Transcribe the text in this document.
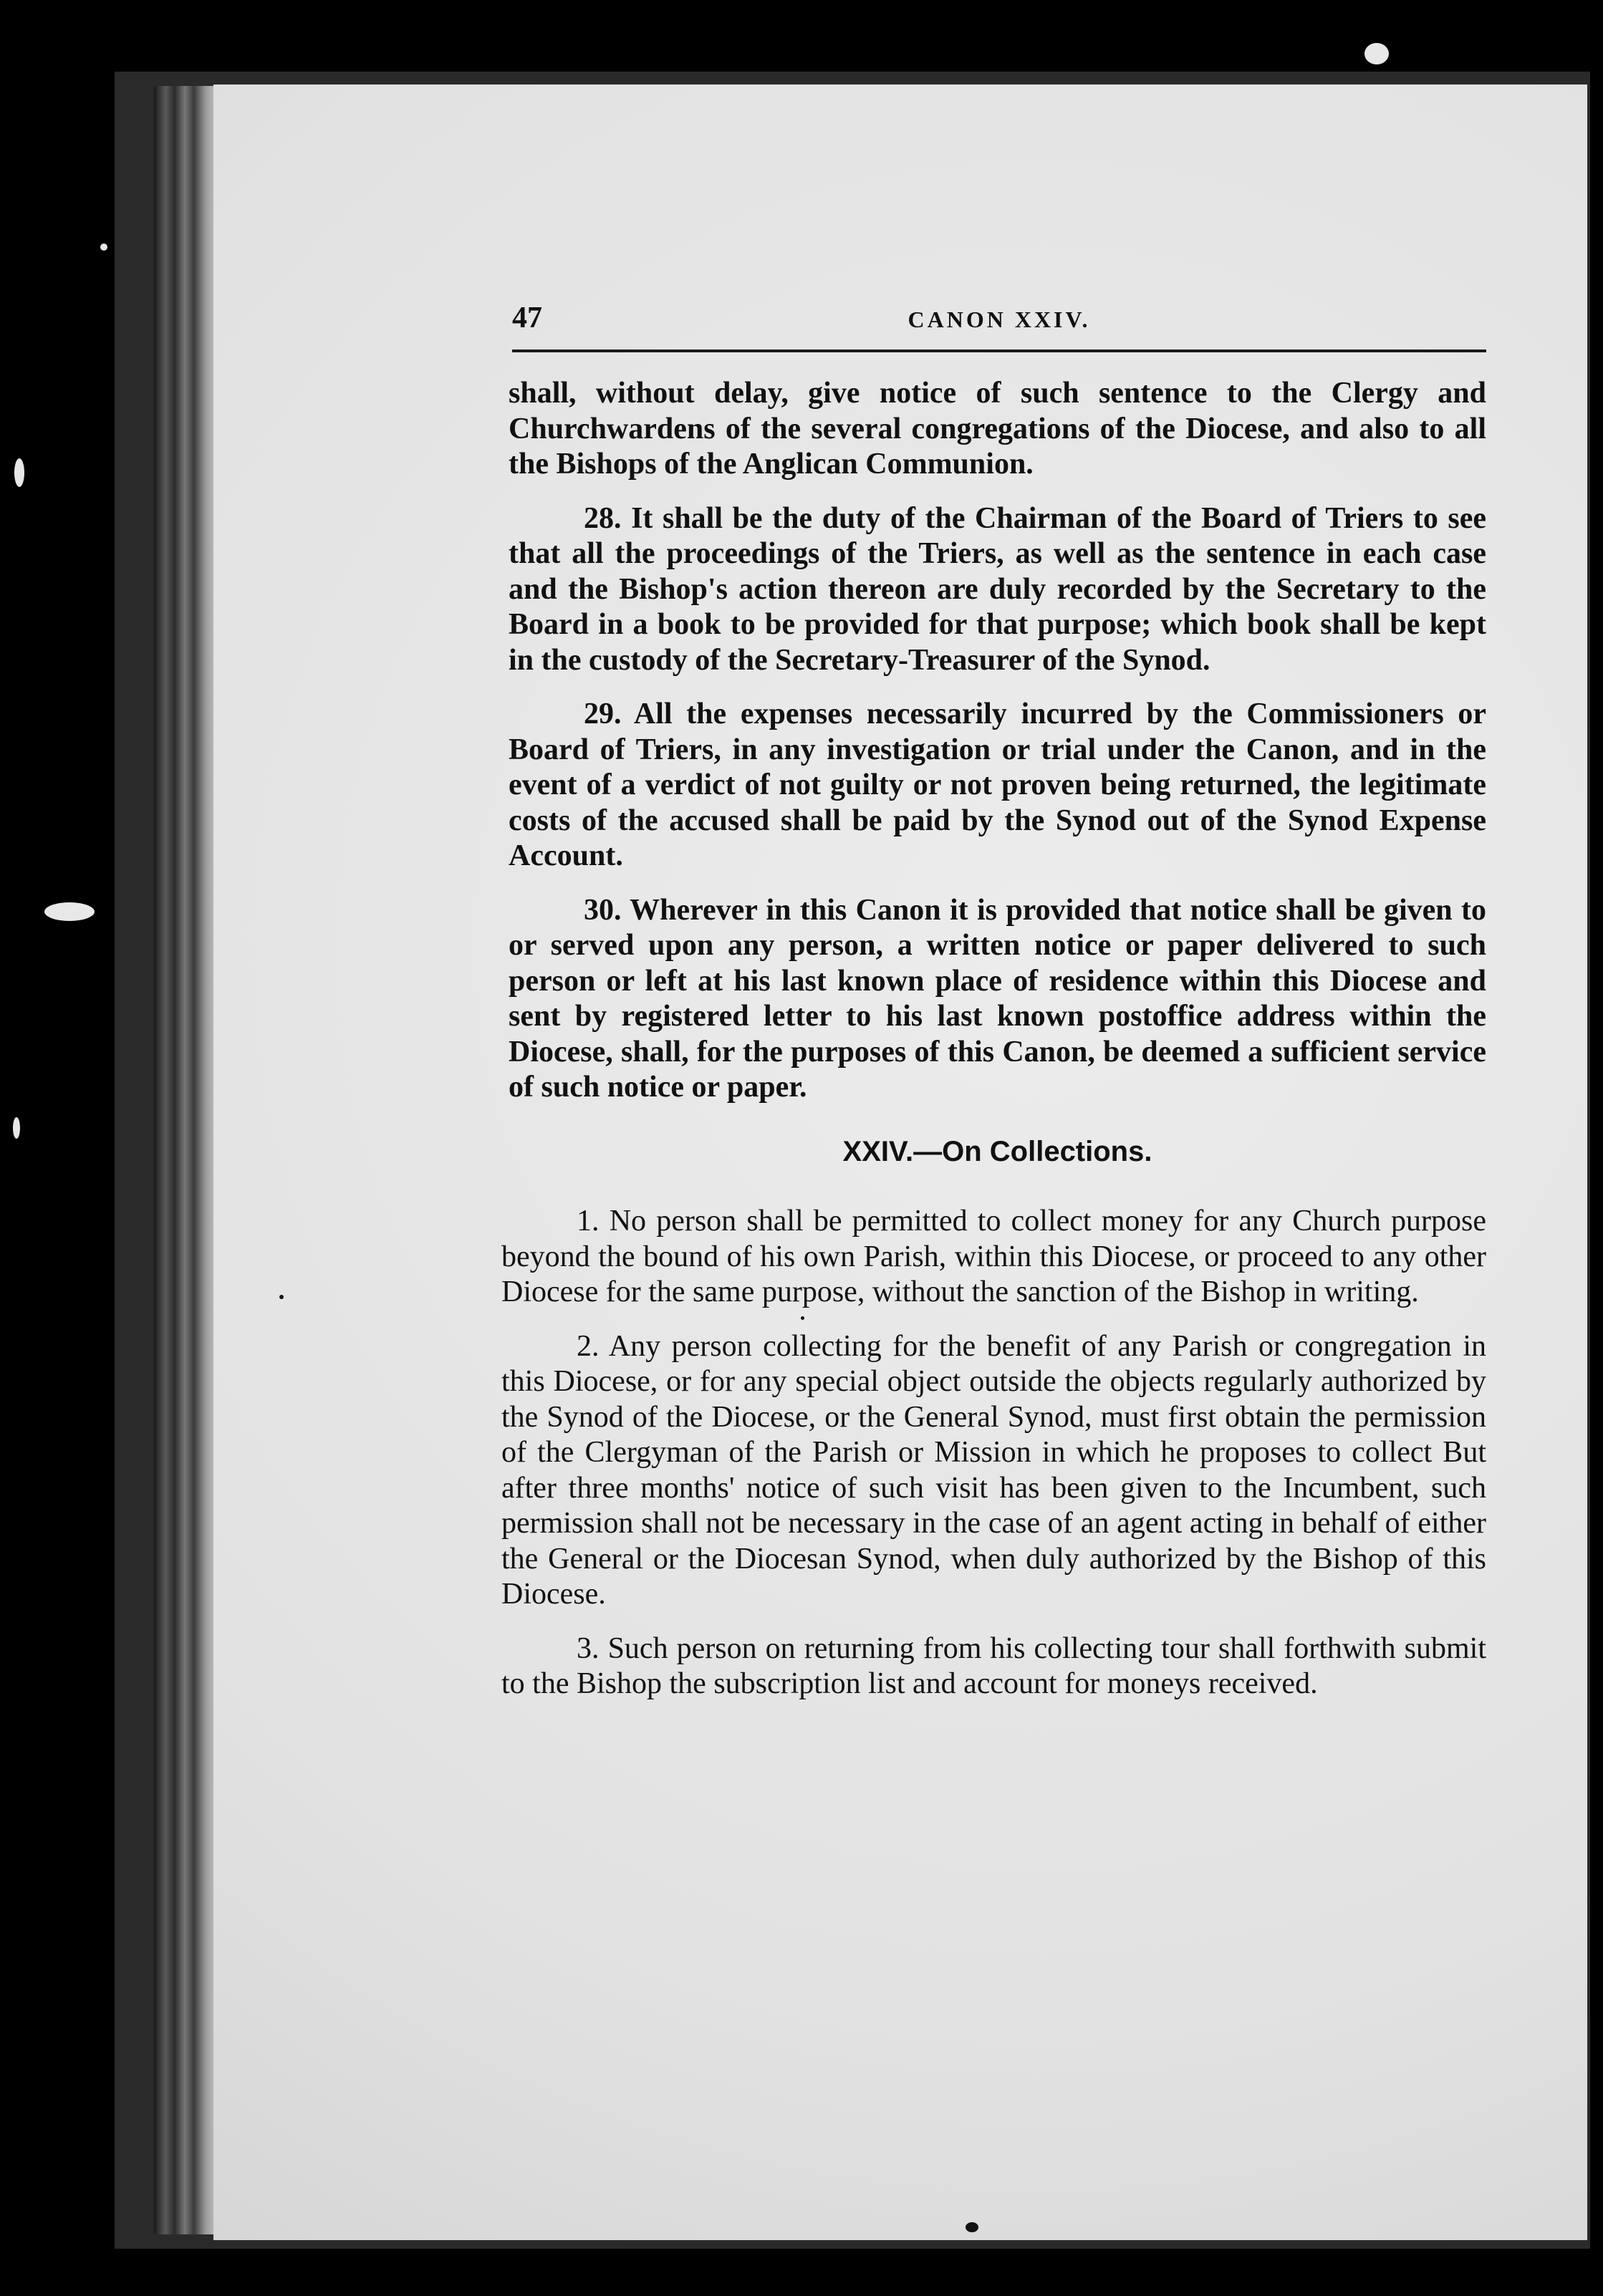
47	CANON XXIV.

shall, without delay, give notice of such sentence to the Clergy and Churchwardens of the several congregations of the Diocese, and also to all the Bishops of the Anglican Communion.

28. It shall be the duty of the Chairman of the Board of Triers to see that all the proceedings of the Triers, as well as the sentence in each case and the Bishop's action thereon are duly recorded by the Secretary to the Board in a book to be provided for that purpose; which book shall be kept in the custody of the Secretary-Treasurer of the Synod.

29. All the expenses necessarily incurred by the Commissioners or Board of Triers, in any investigation or trial under the Canon, and in the event of a verdict of not guilty or not proven being returned, the legitimate costs of the accused shall be paid by the Synod out of the Synod Expense Account.

30. Wherever in this Canon it is provided that notice shall be given to or served upon any person, a written notice or paper delivered to such person or left at his last known place of residence within this Diocese and sent by registered letter to his last known postoffice address within the Diocese, shall, for the purposes of this Canon, be deemed a sufficient service of such notice or paper.

XXIV.—On Collections.

1. No person shall be permitted to collect money for any Church purpose beyond the bound of his own Parish, within this Diocese, or proceed to any other Diocese for the same purpose, without the sanction of the Bishop in writing.

2. Any person collecting for the benefit of any Parish or congregation in this Diocese, or for any special object outside the objects regularly authorized by the Synod of the Diocese, or the General Synod, must first obtain the permission of the Clergyman of the Parish or Mission in which he proposes to collect But after three months' notice of such visit has been given to the Incumbent, such permission shall not be necessary in the case of an agent acting in behalf of either the General or the Diocesan Synod, when duly authorized by the Bishop of this Diocese.

3. Such person on returning from his collecting tour shall forthwith submit to the Bishop the subscription list and account for moneys received.
